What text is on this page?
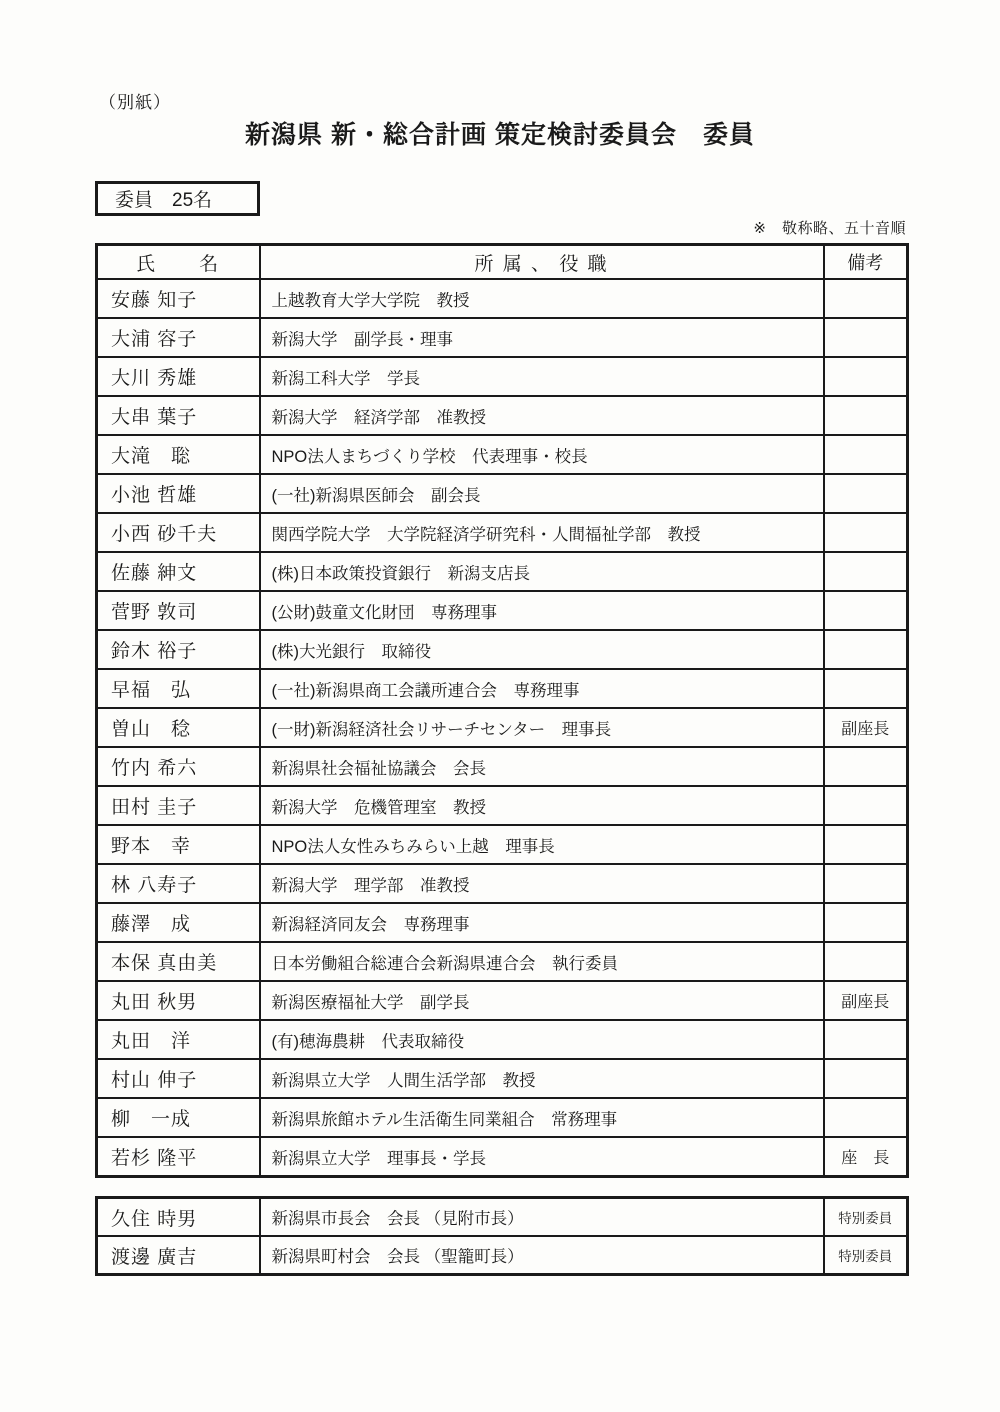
（別紙）
新潟県 新・総合計画 策定検討委員会　委員
委員　25名
※　敬称略、五十音順
氏　　名	所 属 、 役 職	備考
安藤 知子	上越教育大学大学院　教授	
大浦 容子	新潟大学　副学長・理事	
大川 秀雄	新潟工科大学　学長	
大串 葉子	新潟大学　経済学部　准教授	
大滝　聡	NPO法人まちづくり学校　代表理事・校長	
小池 哲雄	(一社)新潟県医師会　副会長	
小西 砂千夫	関西学院大学　大学院経済学研究科・人間福祉学部　教授	
佐藤 紳文	(株)日本政策投資銀行　新潟支店長	
菅野 敦司	(公財)鼓童文化財団　専務理事	
鈴木 裕子	(株)大光銀行　取締役	
早福　弘	(一社)新潟県商工会議所連合会　専務理事	
曽山　稔	(一財)新潟経済社会リサーチセンター　理事長	副座長
竹内 希六	新潟県社会福祉協議会　会長	
田村 圭子	新潟大学　危機管理室　教授	
野本　幸	NPO法人女性みちみらい上越　理事長	
林 八寿子	新潟大学　理学部　准教授	
藤澤　成	新潟経済同友会　専務理事	
本保 真由美	日本労働組合総連合会新潟県連合会　執行委員	
丸田 秋男	新潟医療福祉大学　副学長	副座長
丸田　洋	(有)穂海農耕　代表取締役	
村山 伸子	新潟県立大学　人間生活学部　教授	
柳　一成	新潟県旅館ホテル生活衛生同業組合　常務理事	
若杉 隆平	新潟県立大学　理事長・学長	座　長
久住 時男	新潟県市長会　会長 （見附市長）	特別委員
渡邊 廣吉	新潟県町村会　会長 （聖籠町長）	特別委員
